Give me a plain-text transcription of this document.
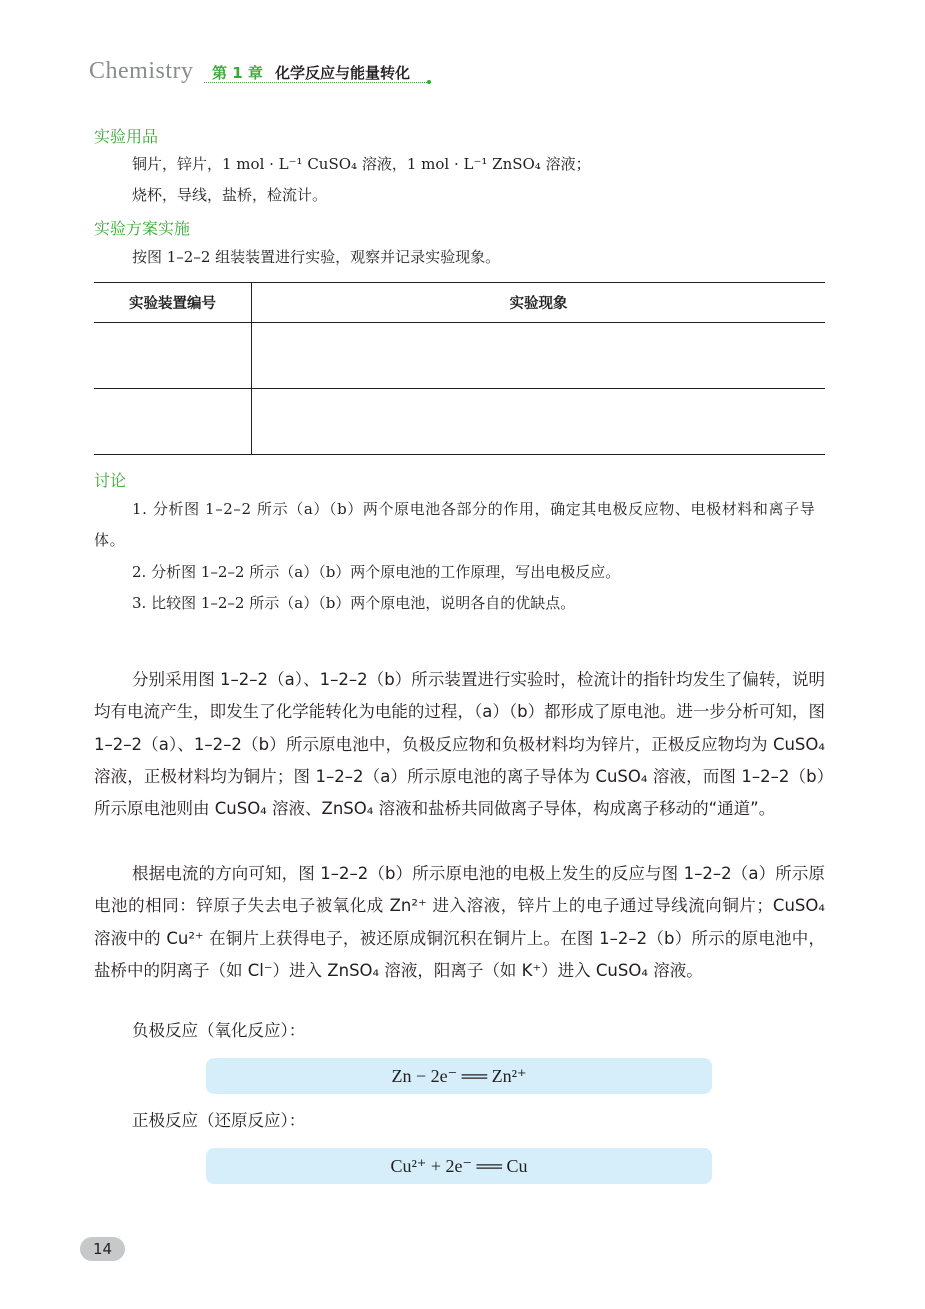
Chemistry 第 1 章 化学反应与能量转化
实验用品
铜片，锌片，1 mol · L⁻¹ CuSO₄ 溶液，1 mol · L⁻¹ ZnSO₄ 溶液；
烧杯，导线，盐桥，检流计。
实验方案实施
按图 1–2–2 组装装置进行实验，观察并记录实验现象。
实验装置编号	实验现象
讨论
1. 分析图 1–2–2 所示（a）（b）两个原电池各部分的作用，确定其电极反应物、电极材料和离子导体。
2. 分析图 1–2–2 所示（a）（b）两个原电池的工作原理，写出电极反应。
3. 比较图 1–2–2 所示（a）（b）两个原电池，说明各自的优缺点。
分别采用图 1–2–2（a）、1–2–2（b）所示装置进行实验时，检流计的指针均发生了偏转，说明均有电流产生，即发生了化学能转化为电能的过程，（a）（b）都形成了原电池。进一步分析可知，图 1–2–2（a）、1–2–2（b）所示原电池中，负极反应物和负极材料均为锌片，正极反应物均为 CuSO₄ 溶液，正极材料均为铜片；图 1–2–2（a）所示原电池的离子导体为 CuSO₄ 溶液，而图 1–2–2（b）所示原电池则由 CuSO₄ 溶液、ZnSO₄ 溶液和盐桥共同做离子导体，构成离子移动的“通道”。
根据电流的方向可知，图 1–2–2（b）所示原电池的电极上发生的反应与图 1–2–2（a）所示原电池的相同：锌原子失去电子被氧化成 Zn²⁺ 进入溶液，锌片上的电子通过导线流向铜片；CuSO₄ 溶液中的 Cu²⁺ 在铜片上获得电子，被还原成铜沉积在铜片上。在图 1–2–2（b）所示的原电池中，盐桥中的阴离子（如 Cl⁻）进入 ZnSO₄ 溶液，阳离子（如 K⁺）进入 CuSO₄ 溶液。
负极反应（氧化反应）：
Zn − 2e⁻ ══ Zn²⁺
正极反应（还原反应）：
Cu²⁺ + 2e⁻ ══ Cu
14
